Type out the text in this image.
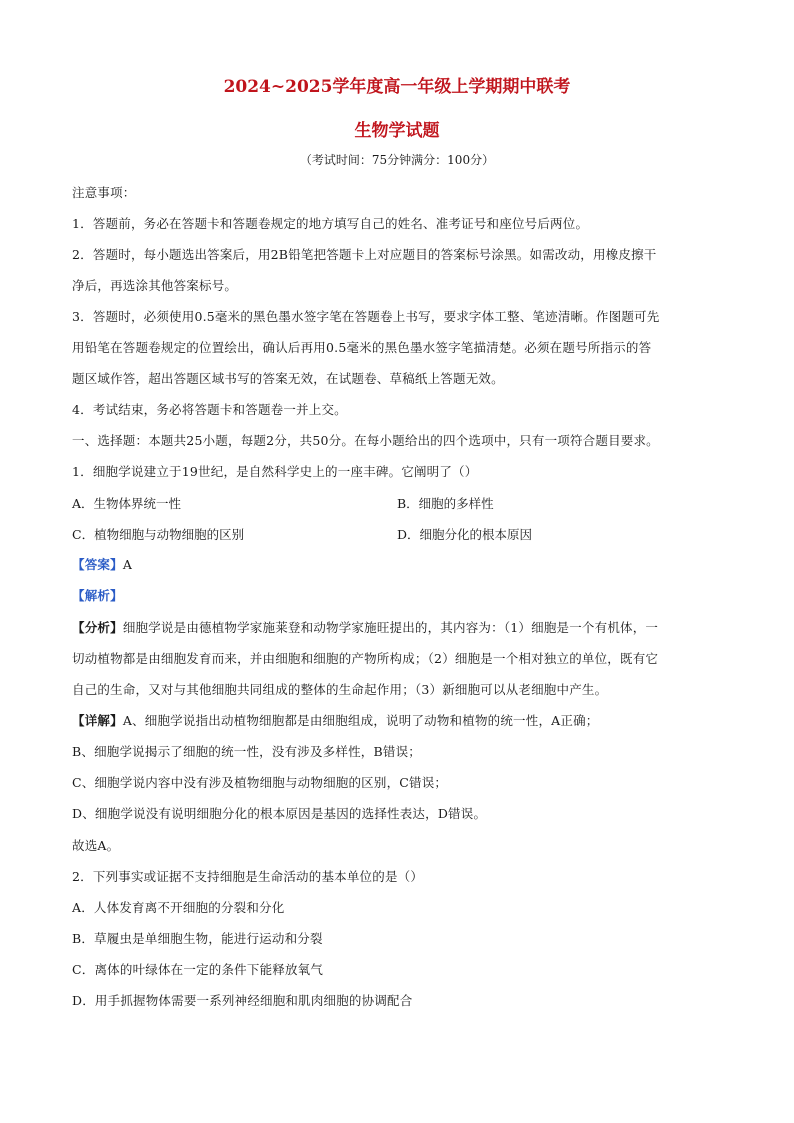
2024~2025学年度高一年级上学期期中联考
生物学试题
（考试时间：75分钟满分：100分）
注意事项：
1．答题前，务必在答题卡和答题卷规定的地方填写自己的姓名、准考证号和座位号后两位。
2．答题时，每小题选出答案后，用2B铅笔把答题卡上对应题目的答案标号涂黑。如需改动，用橡皮擦干
净后，再选涂其他答案标号。
3．答题时，必须使用0.5毫米的黑色墨水签字笔在答题卷上书写，要求字体工整、笔迹清晰。作图题可先
用铅笔在答题卷规定的位置绘出，确认后再用0.5毫米的黑色墨水签字笔描清楚。必须在题号所指示的答
题区域作答，超出答题区域书写的答案无效，在试题卷、草稿纸上答题无效。
4．考试结束，务必将答题卡和答题卷一并上交。
一、选择题：本题共25小题，每题2分，共50分。在每小题给出的四个选项中，只有一项符合题目要求。
1．细胞学说建立于19世纪，是自然科学史上的一座丰碑。它阐明了（）
A．生物体界统一性	B．细胞的多样性
C．植物细胞与动物细胞的区别	D．细胞分化的根本原因
【答案】A
【解析】
【分析】细胞学说是由德植物学家施莱登和动物学家施旺提出的，其内容为：（1）细胞是一个有机体，一
切动植物都是由细胞发育而来，并由细胞和细胞的产物所构成；（2）细胞是一个相对独立的单位，既有它
自己的生命，又对与其他细胞共同组成的整体的生命起作用；（3）新细胞可以从老细胞中产生。
【详解】A、细胞学说指出动植物细胞都是由细胞组成，说明了动物和植物的统一性，A正确；
B、细胞学说揭示了细胞的统一性，没有涉及多样性，B错误；
C、细胞学说内容中没有涉及植物细胞与动物细胞的区别，C错误；
D、细胞学说没有说明细胞分化的根本原因是基因的选择性表达，D错误。
故选A。
2．下列事实或证据不支持细胞是生命活动的基本单位的是（）
A．人体发育离不开细胞的分裂和分化
B．草履虫是单细胞生物，能进行运动和分裂
C．离体的叶绿体在一定的条件下能释放氧气
D．用手抓握物体需要一系列神经细胞和肌肉细胞的协调配合
